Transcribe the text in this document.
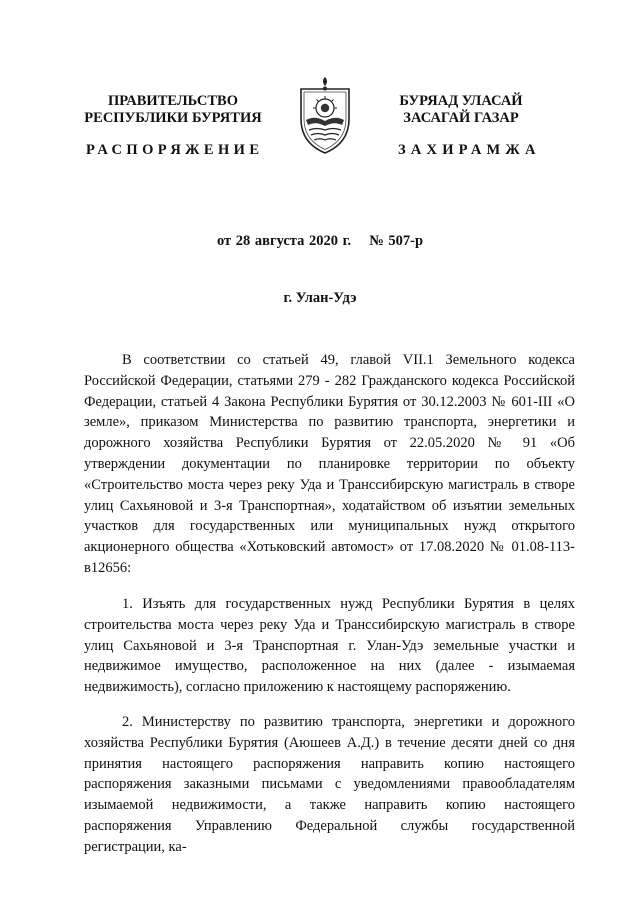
ПРАВИТЕЛЬСТВО
РЕСПУБЛИКИ БУРЯТИЯ
БУРЯАД УЛАСАЙ
ЗАСАГАЙ ГАЗАР
РАСПОРЯЖЕНИЕ	ЗАХИРАМЖА
от 28 августа 2020 г. № 507-р
г. Улан-Удэ

В соответствии со статьей 49, главой VII.1 Земельного кодекса Российской Федерации, статьями 279 - 282 Гражданского кодекса Российской Федерации, статьей 4 Закона Республики Бурятия от 30.12.2003 № 601-III «О земле», приказом Министерства по развитию транспорта, энергетики и дорожного хозяйства Республики Бурятия от 22.05.2020 № 91 «Об утверждении документации по планировке территории по объекту «Строительство моста через реку Уда и Транссибирскую магистраль в створе улиц Сахьяновой и 3-я Транспортная», ходатайством об изъятии земельных участков для государственных или муниципальных нужд открытого акционерного общества «Хотьковский автомост» от 17.08.2020 № 01.08-113-в12656:

1. Изъять для государственных нужд Республики Бурятия в целях строительства моста через реку Уда и Транссибирскую магистраль в створе улиц Сахьяновой и 3-я Транспортная г. Улан-Удэ земельные участки и недвижимое имущество, расположенное на них (далее - изымаемая недвижимость), согласно приложению к настоящему распоряжению.

2. Министерству по развитию транспорта, энергетики и дорожного хозяйства Республики Бурятия (Аюшеев А.Д.) в течение десяти дней со дня принятия настоящего распоряжения направить копию настоящего распоряжения заказными письмами с уведомлениями правообладателям изымаемой недвижимости, а также направить копию настоящего распоряжения Управлению Федеральной службы государственной регистрации, ка-
